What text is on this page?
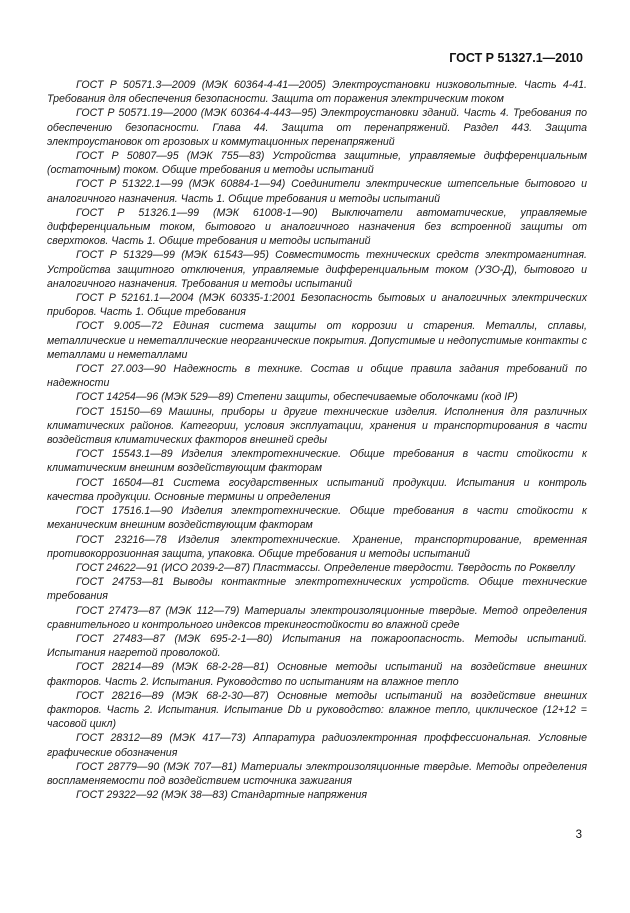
ГОСТ Р 51327.1—2010

ГОСТ Р 50571.3—2009 (МЭК 60364-4-41—2005) Электроустановки низковольтные. Часть 4-41. Требования для обеспечения безопасности. Защита от поражения электрическим током

ГОСТ Р 50571.19—2000 (МЭК 60364-4-443—95) Электроустановки зданий. Часть 4. Требования по обеспечению безопасности. Глава 44. Защита от перенапряжений. Раздел 443. Защита электроустановок от грозовых и коммутационных перенапряжений

ГОСТ Р 50807—95 (МЭК 755—83) Устройства защитные, управляемые дифференциальным (остаточным) током. Общие требования и методы испытаний

ГОСТ Р 51322.1—99 (МЭК 60884-1—94) Соединители электрические штепсельные бытового и аналогичного назначения. Часть 1. Общие требования и методы испытаний

ГОСТ Р 51326.1—99 (МЭК 61008-1—90) Выключатели автоматические, управляемые дифференциальным током, бытового и аналогичного назначения без встроенной защиты от сверхтоков. Часть 1. Общие требования и методы испытаний

ГОСТ Р 51329—99 (МЭК 61543—95) Совместимость технических средств электромагнитная. Устройства защитного отключения, управляемые дифференциальным током (УЗО-Д), бытового и аналогичного назначения. Требования и методы испытаний

ГОСТ Р 52161.1—2004 (МЭК 60335-1:2001 Безопасность бытовых и аналогичных электрических приборов. Часть 1. Общие требования

ГОСТ 9.005—72 Единая система защиты от коррозии и старения. Металлы, сплавы, металлические и неметаллические неорганические покрытия. Допустимые и недопустимые контакты с металлами и неметаллами

ГОСТ 27.003—90 Надежность в технике. Состав и общие правила задания требований по надежности

ГОСТ 14254—96 (МЭК 529—89) Степени защиты, обеспечиваемые оболочками (код IP)

ГОСТ 15150—69 Машины, приборы и другие технические изделия. Исполнения для различных климатических районов. Категории, условия эксплуатации, хранения и транспортирования в части воздействия климатических факторов внешней среды

ГОСТ 15543.1—89 Изделия электротехнические. Общие требования в части стойкости к климатическим внешним воздействующим факторам

ГОСТ 16504—81 Система государственных испытаний продукции. Испытания и контроль качества продукции. Основные термины и определения

ГОСТ 17516.1—90 Изделия электротехнические. Общие требования в части стойкости к механическим внешним воздействующим факторам

ГОСТ 23216—78 Изделия электротехнические. Хранение, транспортирование, временная противокоррозионная защита, упаковка. Общие требования и методы испытаний

ГОСТ 24622—91 (ИСО 2039-2—87) Пластмассы. Определение твердости. Твердость по Роквеллу

ГОСТ 24753—81 Выводы контактные электротехнических устройств. Общие технические требования

ГОСТ 27473—87 (МЭК 112—79) Материалы электроизоляционные твердые. Метод определения сравнительного и контрольного индексов трекингостойкости во влажной среде

ГОСТ 27483—87 (МЭК 695-2-1—80) Испытания на пожароопасность. Методы испытаний. Испытания нагретой проволокой.

ГОСТ 28214—89 (МЭК 68-2-28—81) Основные методы испытаний на воздействие внешних факторов. Часть 2. Испытания. Руководство по испытаниям на влажное тепло

ГОСТ 28216—89 (МЭК 68-2-30—87) Основные методы испытаний на воздействие внешних факторов. Часть 2. Испытания. Испытание Db и руководство: влажное тепло, циклическое (12+12 = часовой цикл)

ГОСТ 28312—89 (МЭК 417—73) Аппаратура радиоэлектронная проффессиональная. Условные графические обозначения

ГОСТ 28779—90 (МЭК 707—81) Материалы электроизоляционные твердые. Методы определения воспламеняемости под воздействием источника зажигания

ГОСТ 29322—92 (МЭК 38—83) Стандартные напряжения

3
